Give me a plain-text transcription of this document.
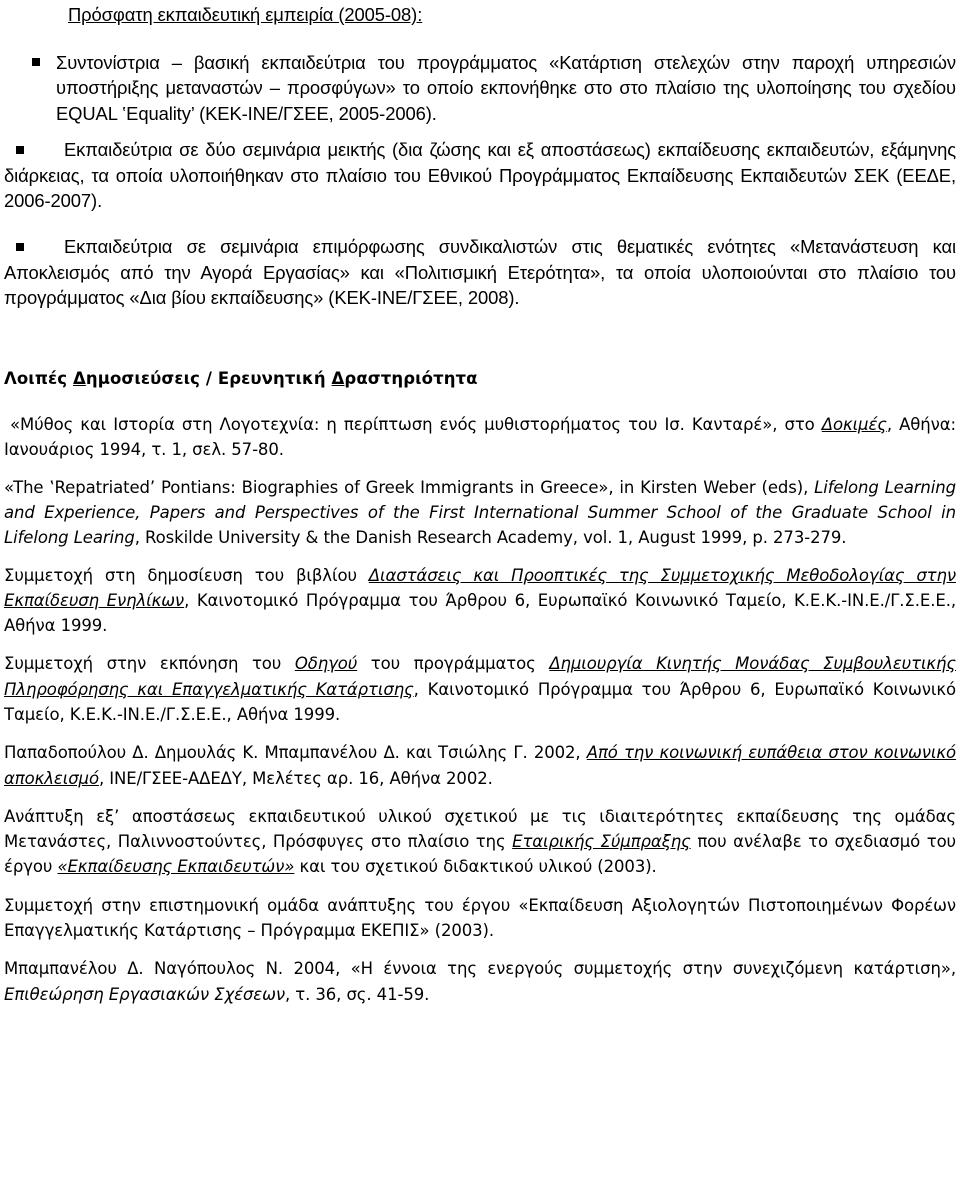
Πρόσφατη εκπαιδευτική εμπειρία (2005-08):

Συντονίστρια – βασική εκπαιδεύτρια του προγράμματος «Κατάρτιση στελεχών στην παροχή υπηρεσιών υποστήριξης μεταναστών – προσφύγων» το οποίο εκπονήθηκε στο στο πλαίσιο της υλοποίησης του σχεδίου EQUAL ‛Equality’ (ΚΕΚ-ΙΝΕ/ΓΣΕΕ, 2005-2006).
Εκπαιδεύτρια σε δύο σεμινάρια μεικτής (δια ζώσης και εξ αποστάσεως) εκπαίδευσης εκπαιδευτών, εξάμηνης διάρκειας, τα οποία υλοποιήθηκαν στο πλαίσιο του Εθνικού Προγράμματος Εκπαίδευσης Εκπαιδευτών ΣΕΚ (ΕΕΔΕ, 2006-2007).
Εκπαιδεύτρια σε σεμινάρια επιμόρφωσης συνδικαλιστών στις θεματικές ενότητες «Μετανάστευση και Αποκλεισμός από την Αγορά Εργασίας» και «Πολιτισμική Ετερότητα», τα οποία υλοποιούνται στο πλαίσιο του προγράμματος «Δια βίου εκπαίδευσης» (ΚΕΚ-ΙΝΕ/ΓΣΕΕ, 2008).

Λοιπές Δημοσιεύσεις / Ερευνητική Δραστηριότητα

«Μύθος και Ιστορία στη Λογοτεχνία: η περίπτωση ενός μυθιστορήματος του Ισ. Κανταρέ», στο Δοκιμές, Αθήνα: Ιανουάριος 1994, τ. 1, σελ. 57-80.

«The ‛Repatriated’ Pontians: Biographies of Greek Immigrants in Greece», in Kirsten Weber (eds), Lifelong Learning and Experience, Papers and Perspectives of the First International Summer School of the Graduate School in Lifelong Learing, Roskilde University & the Danish Research Academy, vol. 1, August 1999, p. 273-279.

Συμμετοχή στη δημοσίευση του βιβλίου Διαστάσεις και Προοπτικές της Συμμετοχικής Μεθοδολογίας στην Εκπαίδευση Ενηλίκων, Καινοτομικό Πρόγραμμα του Άρθρου 6, Ευρωπαϊκό Κοινωνικό Ταμείο, Κ.Ε.Κ.-ΙΝ.Ε./Γ.Σ.Ε.Ε., Αθήνα 1999.

Συμμετοχή στην εκπόνηση του Οδηγού του προγράμματος Δημιουργία Κινητής Μονάδας Συμβουλευτικής Πληροφόρησης και Επαγγελματικής Κατάρτισης, Καινοτομικό Πρόγραμμα του Άρθρου 6, Ευρωπαϊκό Κοινωνικό Ταμείο, Κ.Ε.Κ.-ΙΝ.Ε./Γ.Σ.Ε.Ε., Αθήνα 1999.

Παπαδοπούλου Δ. Δημουλάς Κ. Μπαμπανέλου Δ. και Τσιώλης Γ. 2002, Από την κοινωνική ευπάθεια στον κοινωνικό αποκλεισμό, ΙΝΕ/ΓΣΕΕ-ΑΔΕΔΥ, Μελέτες αρ. 16, Αθήνα 2002.

Ανάπτυξη εξ’ αποστάσεως εκπαιδευτικού υλικού σχετικού με τις ιδιαιτερότητες εκπαίδευσης της ομάδας Μετανάστες, Παλιννοστούντες, Πρόσφυγες στο πλαίσιο της Εταιρικής Σύμπραξης που ανέλαβε το σχεδιασμό του έργου «Εκπαίδευσης Εκπαιδευτών» και του σχετικού διδακτικού υλικού (2003).

Συμμετοχή στην επιστημονική ομάδα ανάπτυξης του έργου «Εκπαίδευση Αξιολογητών Πιστοποιημένων Φορέων Επαγγελματικής Κατάρτισης – Πρόγραμμα ΕΚΕΠΙΣ» (2003).

Μπαμπανέλου Δ. Ναγόπουλος Ν. 2004, «Η έννοια της ενεργούς συμμετοχής στην συνεχιζόμενη κατάρτιση», Επιθεώρηση Εργασιακών Σχέσεων, τ. 36, σς. 41-59.
